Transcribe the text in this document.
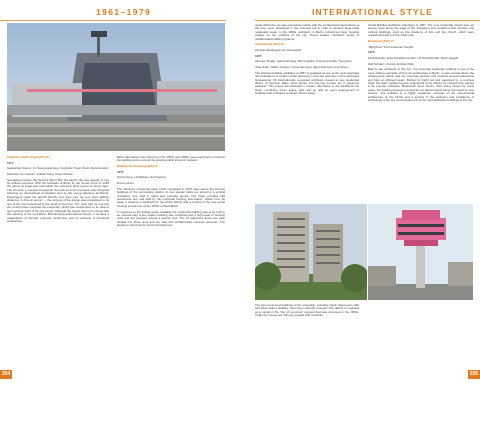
1961–1979	INTERNATIONAL STYLE

Flughafen Berlin-Tegel [321] 34

1974

Saatwinkler Damm, U2 Sauerbratenweg, Flughafen Tegel, Berlin-Reinickendorf

Meinhard von Gerkan, Volkwin Marg, Klaus Nickels

Somewhere before the Second World War the airport site was already in use for airfield purposes. With the blockade of Berlin by the Soviet Union in 1948 the airport at Tegel was built within the extremely short period of ninety days. The terminal, a compact hexagonal ring with an inner courtyard, was designed following an international competition won by the young Hamburg architects. Passengers reach the aircraft directly from their cars via very short walking distances. A drive-in airport — the concept of the design was considered to be one of the most advanced in the world at that time. The main hall, its roof and the control tower complete the ensemble, which was constructed on an area of open ground north of the city centre. Although the airport was to be closed with the opening of the new Berlin Brandenburg International Airport, it remains a masterpiece of German post-war modernism and an example of functional architecture.

Berlin alternative town planning in the 1970s and 1980s, was employed to construct the building and to extend the existing public transport network.

Rathaus Schöneberg [330] 15

1975

Schöneberg, U4 Rathaus Schöneberg

Ernst Lösche

The 18-storey residential tower block completed in 1975 rises above the low-rise buildings of the surrounding district. Its two slender slabs are joined by a vertical circulation core clad in glass and coloured panels. The tower provides 220 apartments and was built by the municipal housing association. Visible from far away, it became a landmark for the whole district and a symbol of the new social housing programme of the 1970s in West Berlin.

In response to the limited space available the residential building was to be built in an unusual way: a low podium building was combined with a high tower of housing units that are grouped around a central core. The 15 apartment floors are each divided into three units and are clad with prefabricated concrete elements. The façade is structured by horizontal balconies.

under which the city was extensively rebuilt, with the architectural interventions of the time, were developed in the post-war era in order to develop large-scale residential areas. In the 1960s, architects in Berlin constructed huge housing estates on the outskirts of the city. These estates consisted mostly of prefabricated building systems.

Hansaviertel [331] 15

Interbau-Siedlungen am Hansaplatz

1957

Altonaer Straße, Hanseatenweg, Bartningallee, Klopstockstraße, Tiergarten

Alvar Aalto, Walter Gropius, Oscar Niemeyer, Egon Eiermann and others

The Interbau building exhibition of 1957 is regarded as one of the most important demonstrations of modern urban planning in post-war Germany. In the destroyed Hansaviertel, 53 internationally renowned architects created a new residential district of high-rise slabs, point blocks and low-rise houses set in generous parkland. The project demonstrated a modern alternative to the traditional city block, combining green space, light and air with an open arrangement of buildings that continues to attract visitors today.

The best preserved buildings of the ensemble, including Oscar Niemeyer's slab and Alvar Aalto's building, have been carefully restored. The district is regarded as a model of the "city of tomorrow" concept that was promoted in the 1950s. Today the houses are still very popular with residents.

Social Building Exhibition (Interbau) of 1957. The new residential district was set among trees along the edge of the Tiergarten and contained both housing and cultural buildings, such as the Academy of Arts and the church, which were realised according to the urban plan.

Bierpinsel [332] 17

"Bierpinsel" Turmrestaurant Steglitz

1976

Schloßstraße, Ecke Schildhornstraße, U9 Schloßstraße, Berlin-Steglitz

Ralf Schüler, Ursulina Schüler-Witte

Built by the architects of the ICC, the tower-like restaurant building is one of the most striking examples of Pop Art architecture in Berlin. It was erected above the underground station and the motorway junction and contains several restaurants and bars on different levels. Painted in bright red and supported by a concrete shaft, the tower quickly became a landmark of the district. Its unusual form earned it the popular nickname "Bierpinsel" (beer brush). After being closed for many years, the building received a temporary art façade before being renovated by new owners. The building is a highly significant example of the experimental architecture of the 1970s and a symbol of the optimism and confidence in technology of the era, and remains one of the most distinctive buildings in the city.

204	205
